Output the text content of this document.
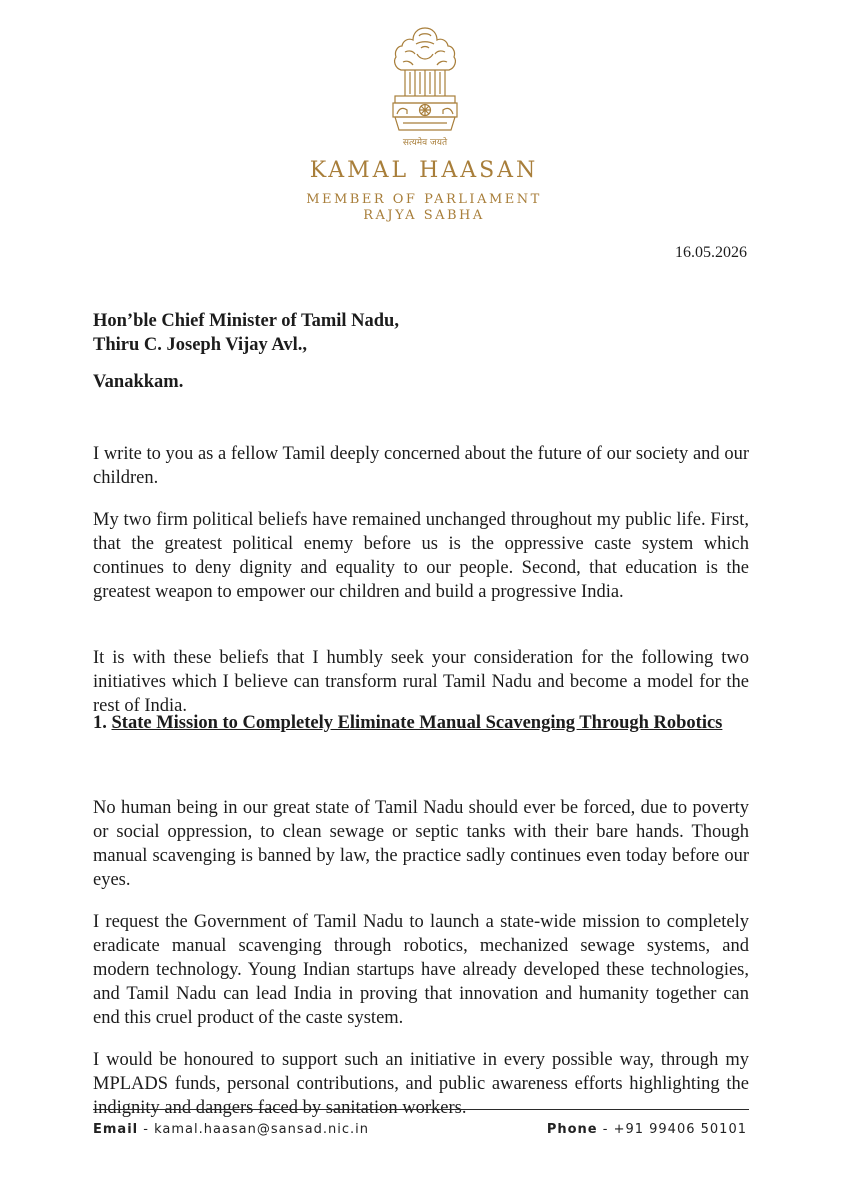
सत्यमेव जयते
KAMAL HAASAN
MEMBER OF PARLIAMENT
RAJYA SABHA
16.05.2026
Hon’ble Chief Minister of Tamil Nadu,
Thiru C. Joseph Vijay Avl.,
Vanakkam.

I write to you as a fellow Tamil deeply concerned about the future of our society and our children.

My two firm political beliefs have remained unchanged throughout my public life. First, that the greatest political enemy before us is the oppressive caste system which continues to deny dignity and equality to our people. Second, that education is the greatest weapon to empower our children and build a progressive India.

It is with these beliefs that I humbly seek your consideration for the following two initiatives which I believe can transform rural Tamil Nadu and become a model for the rest of India.

1. State Mission to Completely Eliminate Manual Scavenging Through Robotics

No human being in our great state of Tamil Nadu should ever be forced, due to poverty or social oppression, to clean sewage or septic tanks with their bare hands. Though manual scavenging is banned by law, the practice sadly continues even today before our eyes.

I request the Government of Tamil Nadu to launch a state-wide mission to completely eradicate manual scavenging through robotics, mechanized sewage systems, and modern technology. Young Indian startups have already developed these technologies, and Tamil Nadu can lead India in proving that innovation and humanity together can end this cruel product of the caste system.

I would be honoured to support such an initiative in every possible way, through my MPLADS funds, personal contributions, and public awareness efforts highlighting the indignity and dangers faced by sanitation workers.

Email - kamal.haasan@sansad.nic.in	Phone - +91 99406 50101
